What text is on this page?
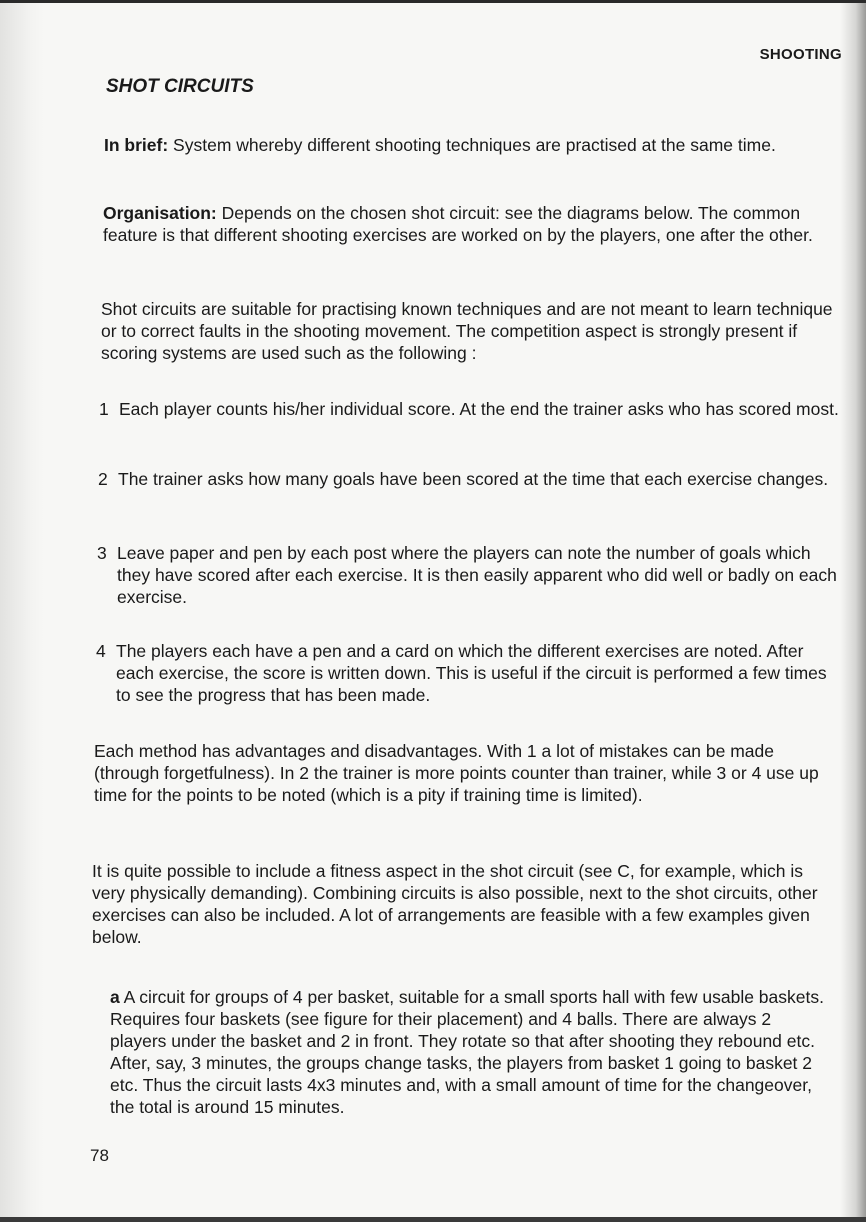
SHOOTING
SHOT CIRCUITS

In brief: System whereby different shooting techniques are practised at the same time.

Organisation: Depends on the chosen shot circuit: see the diagrams below. The common feature is that different shooting exercises are worked on by the players, one after the other.

Shot circuits are suitable for practising known techniques and are not meant to learn technique or to correct faults in the shooting movement. The competition aspect is strongly present if scoring systems are used such as the following :

1 Each player counts his/her individual score. At the end the trainer asks who has scored most.
2 The trainer asks how many goals have been scored at the time that each exercise changes.
3 Leave paper and pen by each post where the players can note the number of goals which they have scored after each exercise. It is then easily apparent who did well or badly on each exercise.
4 The players each have a pen and a card on which the different exercises are noted. After each exercise, the score is written down. This is useful if the circuit is performed a few times to see the progress that has been made.

Each method has advantages and disadvantages. With 1 a lot of mistakes can be made (through forgetfulness). In 2 the trainer is more points counter than trainer, while 3 or 4 use up time for the points to be noted (which is a pity if training time is limited).

It is quite possible to include a fitness aspect in the shot circuit (see C, for example, which is very physically demanding). Combining circuits is also possible, next to the shot circuits, other exercises can also be included. A lot of arrangements are feasible with a few examples given below.

a A circuit for groups of 4 per basket, suitable for a small sports hall with few usable baskets. Requires four baskets (see figure for their placement) and 4 balls. There are always 2 players under the basket and 2 in front. They rotate so that after shooting they rebound etc. After, say, 3 minutes, the groups change tasks, the players from basket 1 going to basket 2 etc. Thus the circuit lasts 4x3 minutes and, with a small amount of time for the changeover, the total is around 15 minutes.

78
